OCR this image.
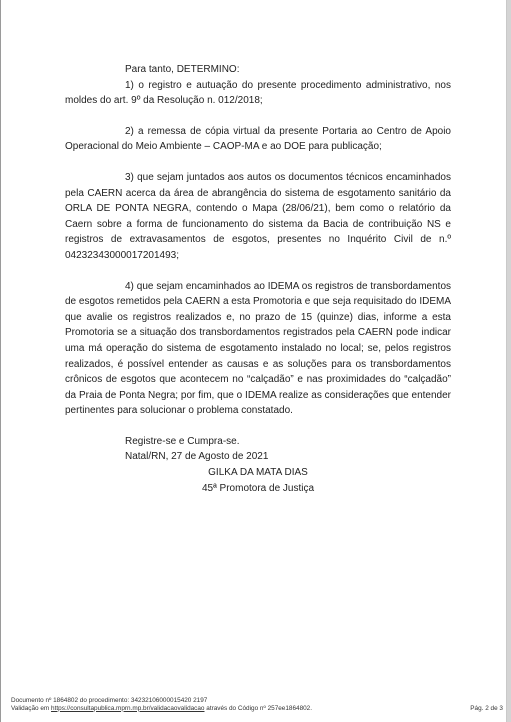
Para tanto, DETERMINO:

1) o registro e autuação do presente procedimento administrativo, nos moldes do art. 9º da Resolução n. 012/2018;

2) a remessa de cópia virtual da presente Portaria ao Centro de Apoio Operacional do Meio Ambiente – CAOP-MA e ao DOE para publicação;

3) que sejam juntados aos autos os documentos técnicos encaminhados pela CAERN acerca da área de abrangência do sistema de esgotamento sanitário da ORLA DE PONTA NEGRA, contendo o Mapa (28/06/21), bem como o relatório da Caern sobre a forma de funcionamento do sistema da Bacia de contribuição NS e registros de extravasamentos de esgotos, presentes no Inquérito Civil de n.º 04232343000017201493;

4) que sejam encaminhados ao IDEMA os registros de transbordamentos de esgotos remetidos pela CAERN a esta Promotoria e que seja requisitado do IDEMA que avalie os registros realizados e, no prazo de 15 (quinze) dias, informe a esta Promotoria se a situação dos transbordamentos registrados pela CAERN pode indicar uma má operação do sistema de esgotamento instalado no local; se, pelos registros realizados, é possível entender as causas e as soluções para os transbordamentos crônicos de esgotos que acontecem no “calçadão” e nas proximidades do “calçadão” da Praia de Ponta Negra; por fim, que o IDEMA realize as considerações que entender pertinentes para solucionar o problema constatado.

Registre-se e Cumpra-se.

Natal/RN, 27 de Agosto de 2021

GILKA DA MATA DIAS
45ª Promotora de Justiça
Documento nº 1864802 do procedimento: 34232106000015420 2197
Validação em https://consultapublica.mprn.mp.br/validacaovalidacao através do Código nº 257ee1864802.	Pág. 2 de 3
